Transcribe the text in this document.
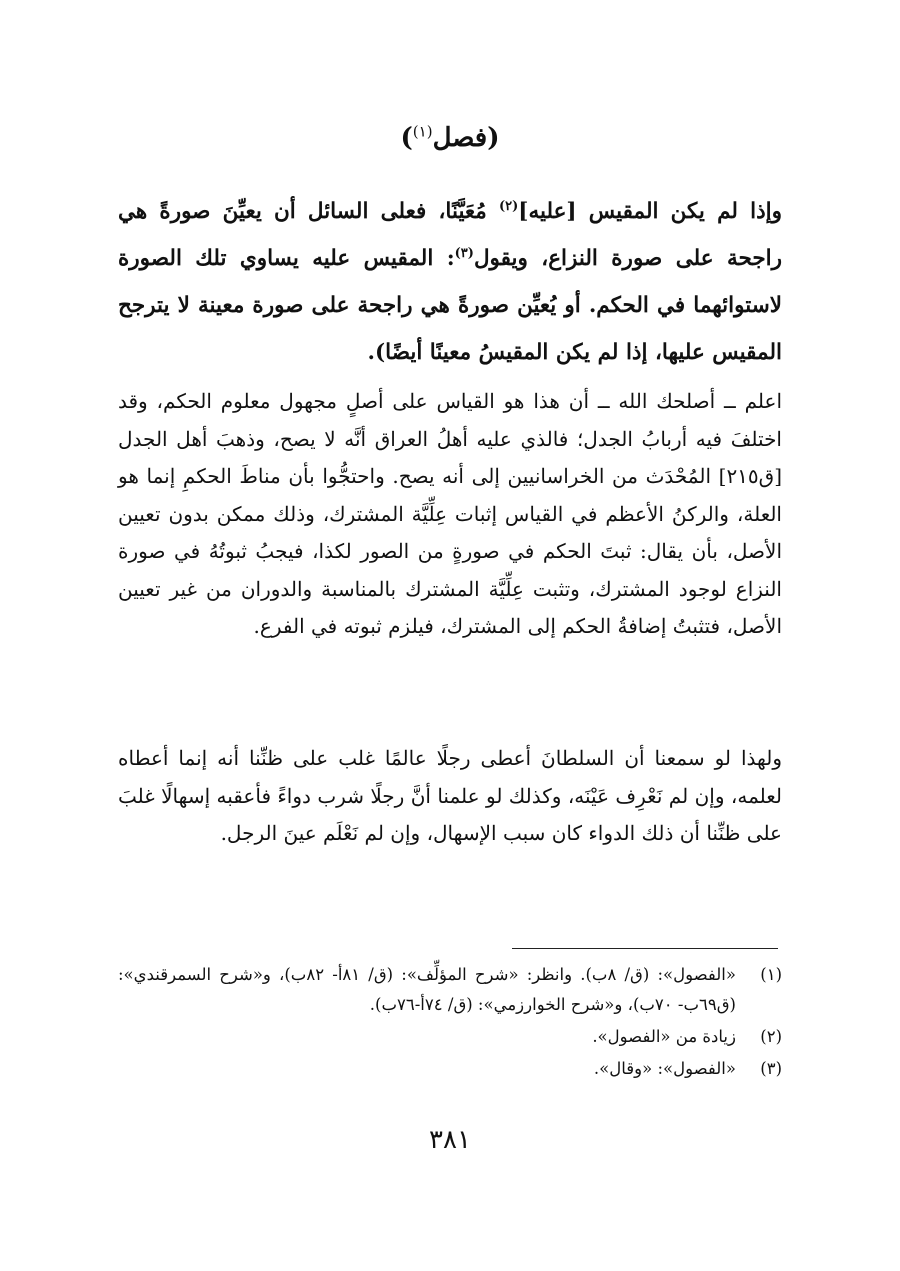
(فصل$^{(١)}$)

وإذا لم يكن المقيس [عليه]$^{(٢)}$ مُعَيَّنًا، فعلى السائل أن يعيِّنَ صورةً هي راجحة على صورة النزاع، ويقول$^{(٣)}$: المقيس عليه يساوي تلك الصورة لاستوائهما في الحكم. أو يُعيِّن صورةً هي راجحة على صورة معينة لا يترجح المقيس عليها، إذا لم يكن المقيسُ معينًا أيضًا).

اعلم ــ أصلحك الله ــ أن هذا هو القياس على أصلٍ مجهول معلوم الحكم، وقد اختلفَ فيه أربابُ الجدل؛ فالذي عليه أهلُ العراق أنَّه لا يصح، وذهبَ أهل الجدل [ق٢١٥] المُحْدَث من الخراسانيين إلى أنه يصح. واحتجُّوا بأن مناطَ الحكمِ إنما هو العلة، والركنُ الأعظم في القياس إثبات عِلِّيَّة المشترك، وذلك ممكن بدون تعيين الأصل، بأن يقال: ثبتَ الحكم في صورةٍ من الصور لكذا، فيجبُ ثبوتُهُ في صورة النزاع لوجود المشترك، وتثبت عِلِّيَّة المشترك بالمناسبة والدوران من غير تعيين الأصل، فتثبتُ إضافةُ الحكم إلى المشترك، فيلزم ثبوته في الفرع.

ولهذا لو سمعنا أن السلطانَ أعطى رجلًا عالمًا غلب على ظنِّنا أنه إنما أعطاه لعلمه، وإن لم نَعْرِف عَيْنَه، وكذلك لو علمنا أنَّ رجلًا شرب دواءً فأعقبه إسهالًا غلبَ على ظنِّنا أن ذلك الدواء كان سبب الإسهال، وإن لم نَعْلَم عينَ الرجل.

(١)
«الفصول»: (ق/ ٨ب). وانظر: «شرح المؤلِّف»: (ق/ ٨١أ- ٨٢ب)، و«شرح السمرقندي»: (ق٦٩ب- ٧٠ب)، و«شرح الخوارزمي»: (ق/ ٧٤أ-٧٦ب).
(٢)
زيادة من «الفصول».
(٣)
«الفصول»: «وقال».
٣٨١
